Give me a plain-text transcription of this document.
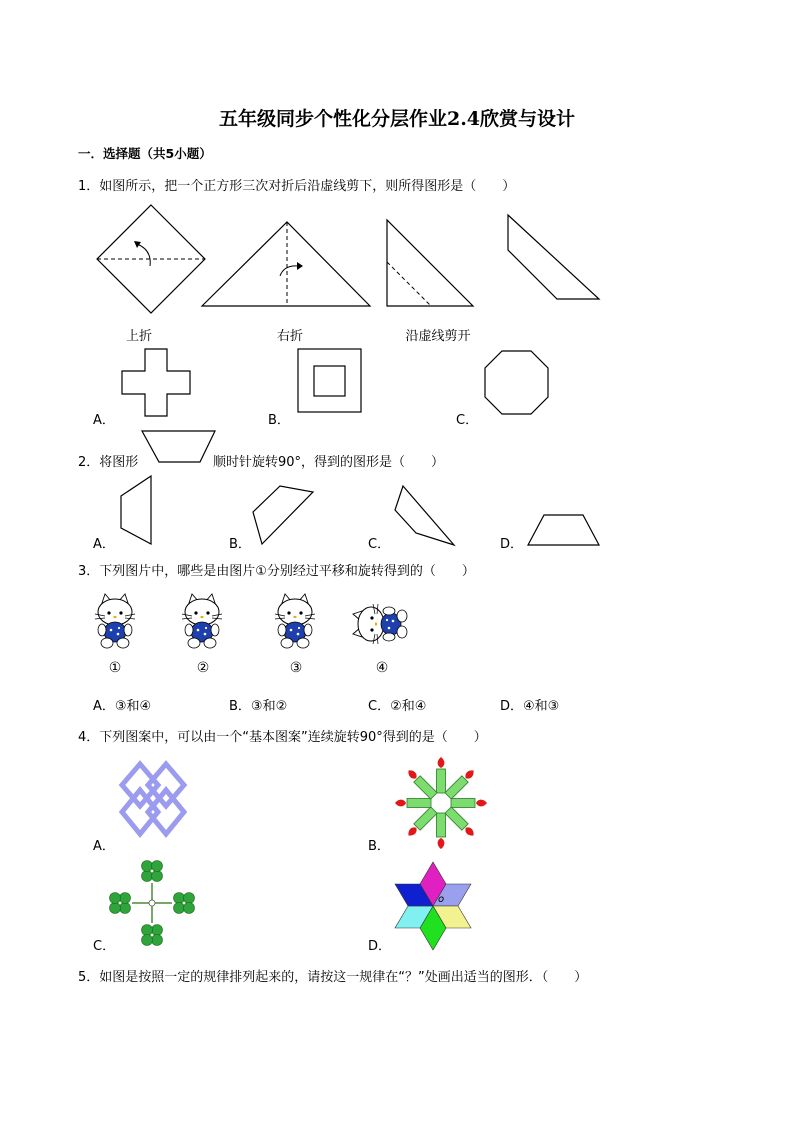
五年级同步个性化分层作业2.4欣赏与设计
一．选择题（共5小题）
1．如图所示，把一个正方形三次对折后沿虚线剪下，则所得图形是（　　）
上折	右折	沿虚线剪开
A．	B．	C．
2．将图形	顺时针旋转90°，得到的图形是（　　）
A．	B．	C．	D．
3．下列图片中，哪些是由图片①分别经过平移和旋转得到的（　　）
①	②	③	④
A．③和④	B．③和②	C．②和④	D．④和③
4．下列图案中，可以由一个“基本图案”连续旋转90°得到的是（　　）
o
A．	B．
C．	D．
5．如图是按照一定的规律排列起来的，请按这一规律在“？”处画出适当的图形．（　　）
